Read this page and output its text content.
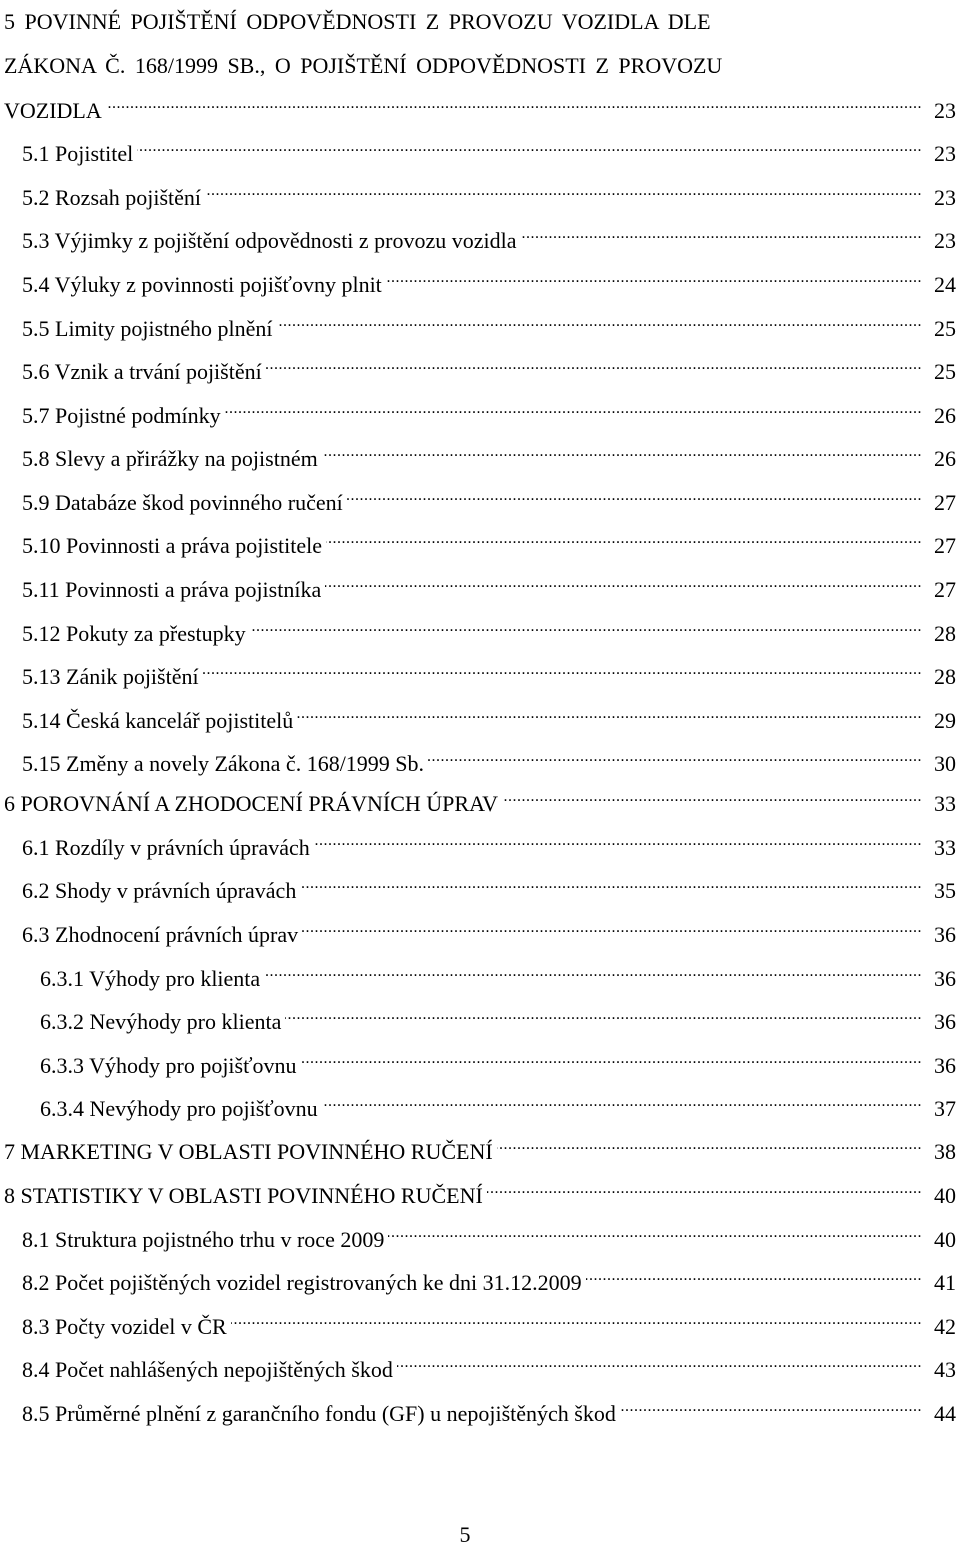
5 POVINNÉ POJIŠTĚNÍ ODPOVĚDNOSTI Z PROVOZU VOZIDLA DLE
ZÁKONA Č. 168/1999 SB., O POJIŠTĚNÍ ODPOVĚDNOSTI Z PROVOZU
VOZIDLA .....	23
5.1 Pojistitel .....	23
5.2 Rozsah pojištění .....	23
5.3 Výjimky z pojištění odpovědnosti z provozu vozidla .....	23
5.4 Výluky z povinnosti pojišťovny plnit .....	24
5.5 Limity pojistného plnění .....	25
5.6 Vznik a trvání pojištění .....	25
5.7 Pojistné podmínky .....	26
5.8 Slevy a přirážky na pojistném .....	26
5.9 Databáze škod povinného ručení .....	27
5.10 Povinnosti a práva pojistitele .....	27
5.11 Povinnosti a práva pojistníka .....	27
5.12 Pokuty za přestupky .....	28
5.13 Zánik pojištění .....	28
5.14 Česká kancelář pojistitelů .....	29
5.15 Změny a novely Zákona č. 168/1999 Sb. .....	30
6 POROVNÁNÍ A ZHODOCENÍ PRÁVNÍCH ÚPRAV .....	33
6.1 Rozdíly v právních úpravách .....	33
6.2 Shody v právních úpravách .....	35
6.3 Zhodnocení právních úprav .....	36
6.3.1 Výhody pro klienta .....	36
6.3.2 Nevýhody pro klienta .....	36
6.3.3 Výhody pro pojišťovnu .....	36
6.3.4 Nevýhody pro pojišťovnu .....	37
7 MARKETING V OBLASTI POVINNÉHO RUČENÍ .....	38
8 STATISTIKY V OBLASTI POVINNÉHO RUČENÍ .....	40
8.1 Struktura pojistného trhu v roce 2009 .....	40
8.2 Počet pojištěných vozidel registrovaných ke dni 31.12.2009 .....	41
8.3 Počty vozidel v ČR .....	42
8.4 Počet nahlášených nepojištěných škod .....	43
8.5 Průměrné plnění z garančního fondu (GF) u nepojištěných škod .....	44
5
